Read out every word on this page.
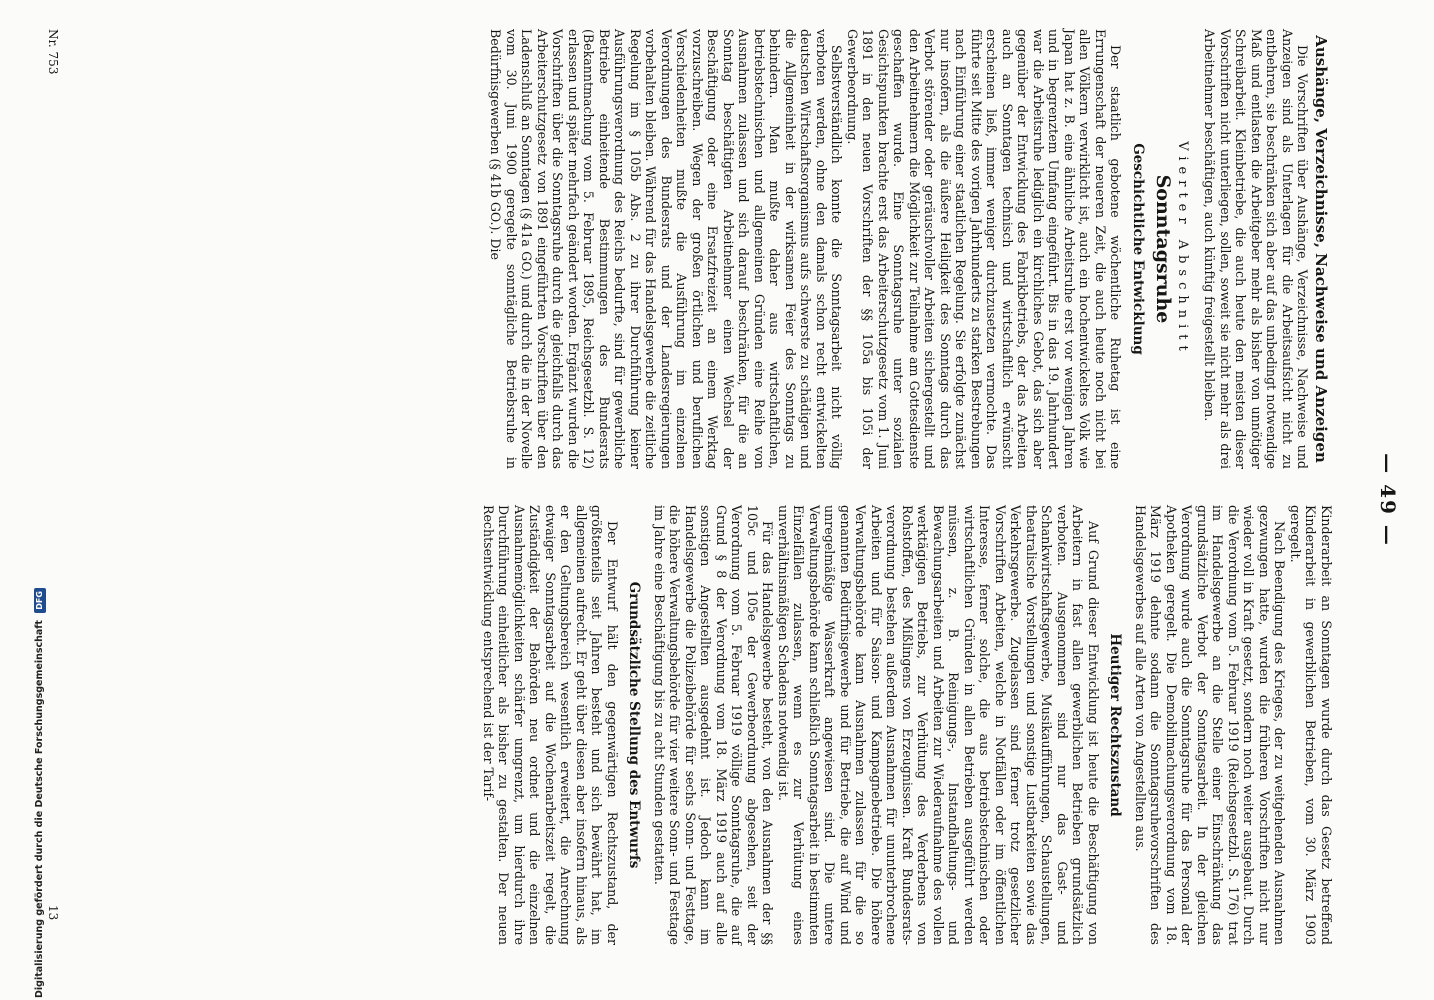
— 49 —
Aushänge, Verzeichnisse, Nachweise und Anzeigen

Die Vorschriften über Aushänge, Verzeichnisse, Nachweise und Anzeigen sind als Unterlagen für die Arbeitsaufsicht nicht zu entbehren, sie beschränken sich aber auf das unbedingt notwendige Maß und entlasten die Arbeitgeber mehr als bisher von unnötiger Schreibarbeit. Kleinbetriebe, die auch heute den meisten dieser Vorschriften nicht unterliegen, sollen, soweit sie nicht mehr als drei Arbeitnehmer beschäftigen, auch künftig freigestellt bleiben.

Vierter Abschnitt
Sonntagsruhe
Geschichtliche Entwicklung

Der staatlich gebotene wöchentliche Ruhetag ist eine Errungenschaft der neueren Zeit, die auch heute noch nicht bei allen Völkern verwirklicht ist, auch ein hochentwickeltes Volk wie Japan hat z. B. eine ähnliche Arbeitsruhe erst vor wenigen Jahren und in begrenztem Umfang eingeführt. Bis in das 19. Jahrhundert war die Arbeitsruhe lediglich ein kirchliches Gebot, das sich aber gegenüber der Entwicklung des Fabrikbetriebs, der das Arbeiten auch an Sonntagen technisch und wirtschaftlich erwünscht erscheinen ließ, immer weniger durchzusetzen vermochte. Das führte seit Mitte des vorigen Jahrhunderts zu starken Bestrebungen nach Einführung einer staatlichen Regelung. Sie erfolgte zunächst nur insofern, als die äußere Heiligkeit des Sonntags durch das Verbot störender oder geräuschvoller Arbeiten sichergestellt und den Arbeitnehmern die Möglichkeit zur Teilnahme am Gottesdienste geschaffen wurde. Eine Sonntagsruhe unter sozialen Gesichtspunkten brachte erst das Arbeiterschutzgesetz vom 1. Juni 1891 in den neuen Vorschriften der §§ 105a bis 105i der Gewerbeordnung.

Selbstverständlich konnte die Sonntagsarbeit nicht völlig verboten werden, ohne den damals schon recht entwickelten deutschen Wirtschaftsorganismus aufs schwerste zu schädigen und die Allgemeinheit in der wirksamen Feier des Sonntags zu behindern. Man mußte daher aus wirtschaftlichen, betriebstechnischen und allgemeinen Gründen eine Reihe von Ausnahmen zulassen und sich darauf beschränken, für die an Sonntag beschäftigten Arbeitnehmer einen Wechsel der Beschäftigung oder eine Ersatzfreizeit an einem Werktag vorzuschreiben. Wegen der großen örtlichen und beruflichen Verschiedenheiten mußte die Ausführung im einzelnen Verordnungen des Bundesrats und der Landesregierungen vorbehalten bleiben. Während für das Handelsgewerbe die zeitliche Regelung im § 105b Abs. 2 zu ihrer Durchführung keiner Ausführungsverordnung des Reichs bedurfte, sind für gewerbliche Betriebe einheitende Bestimmungen des Bundesrats (Bekanntmachung vom 5. Februar 1895, Reichsgesetzbl. S. 12) erlassen und später mehrfach geändert worden. Ergänzt wurden die Vorschriften über die Sonntagsruhe durch die gleichfalls durch das Arbeiterschutzgesetz von 1891 eingeführten Vorschriften über den Ladenschluß an Sonntagen (§ 41a GO.) und durch die in der Novelle vom 30. Juni 1900 geregelte sonntägliche Betriebsruhe in Bedürfnisgewerben (§ 41b GO.). Die

Kinderarbeit an Sonntagen wurde durch das Gesetz betreffend Kinderarbeit in gewerblichen Betrieben, vom 30. März 1903 geregelt.

Nach Beendigung des Krieges, der zu weitgehenden Ausnahmen gezwungen hatte, wurden die früheren Vorschriften nicht nur wieder voll in Kraft gesetzt, sondern noch weiter ausgebaut. Durch die Verordnung vom 5. Februar 1919 (Reichsgesetzbl. S. 176) trat im Handelsgewerbe an die Stelle einer Einschränkung das grundsätzliche Verbot der Sonntagsarbeit. In der gleichen Verordnung wurde auch die Sonntagsruhe für das Personal der Apotheken geregelt. Die Demobilmachungsverordnung vom 18. März 1919 dehnte sodann die Sonntagsruhevorschriften des Handelsgewerbes auf alle Arten von Angestellten aus.

Heutiger Rechtszustand

Auf Grund dieser Entwicklung ist heute die Beschäftigung von Arbeitern in fast allen gewerblichen Betrieben grundsätzlich verboten. Ausgenommen sind nur das Gast- und Schankwirtschaftsgewerbe, Musikaufführungen, Schaustellungen, theatralische Vorstellungen und sonstige Lustbarkeiten sowie das Verkehrsgewerbe. Zugelassen sind ferner trotz gesetzlicher Vorschriften Arbeiten, welche in Notfällen oder im öffentlichen Interesse, ferner solche, die aus betriebstechnischen oder wirtschaftlichen Gründen in allen Betrieben ausgeführt werden müssen, z. B. Reinigungs-, Instandhaltungs- und Bewachungsarbeiten und Arbeiten zur Wiederaufnahme des vollen werktägigen Betriebs, zur Verhütung des Verderbens von Rohstoffen, des Mißlingens von Erzeugnissen. Kraft Bundesrats-verordnung bestehen außerdem Ausnahmen für ununterbrochene Arbeiten und für Saison- und Kampagnebetriebe. Die höhere Verwaltungsbehörde kann Ausnahmen zulassen für die so genannten Bedürfnisgewerbe und für Betriebe, die auf Wind und unregelmäßige Wasserkraft angewiesen sind. Die untere Verwaltungsbehörde kann schließlich Sonntagsarbeit in bestimmten Einzelfällen zulassen, wenn es zur Verhütung eines unverhältnismäßigen Schadens notwendig ist.

Für das Handelsgewerbe besteht, von den Ausnahmen der §§ 105c und 105e der Gewerbeordnung abgesehen, seit der Verordnung vom 5. Februar 1919 völlige Sonntagsruhe, die auf Grund § 8 der Verordnung vom 18. März 1919 auch auf alle sonstigen Angestellten ausgedehnt ist. Jedoch kann im Handelsgewerbe die Polizeibehörde für sechs Sonn- und Festtage, die höhere Verwaltungsbehörde für vier weitere Sonn- und Festtage im Jahre eine Beschäftigung bis zu acht Stunden gestatten.

Grundsätzliche Stellung des Entwurfs

Der Entwurf hält den gegenwärtigen Rechtszustand, der größtenteils seit Jahren besteht und sich bewährt hat, im allgemeinen aufrecht. Er geht über diesen aber insofern hinaus, als er den Geltungsbereich wesentlich erweitert, die Anrechnung etwaiger Sonntagsarbeit auf die Wochenarbeitszeit regelt, die Zuständigkeit der Behörden neu ordnet und die einzelnen Ausnahmemöglichkeiten schärfer umgrenzt, um hierdurch ihre Durchführung einheitlicher als bisher zu gestalten. Der neuen Rechtsentwicklung entsprechend ist der Tarif-

Nr. 753
13
Digitalisierung gefördert durch die Deutsche Forschungsgemeinschaft DFG
